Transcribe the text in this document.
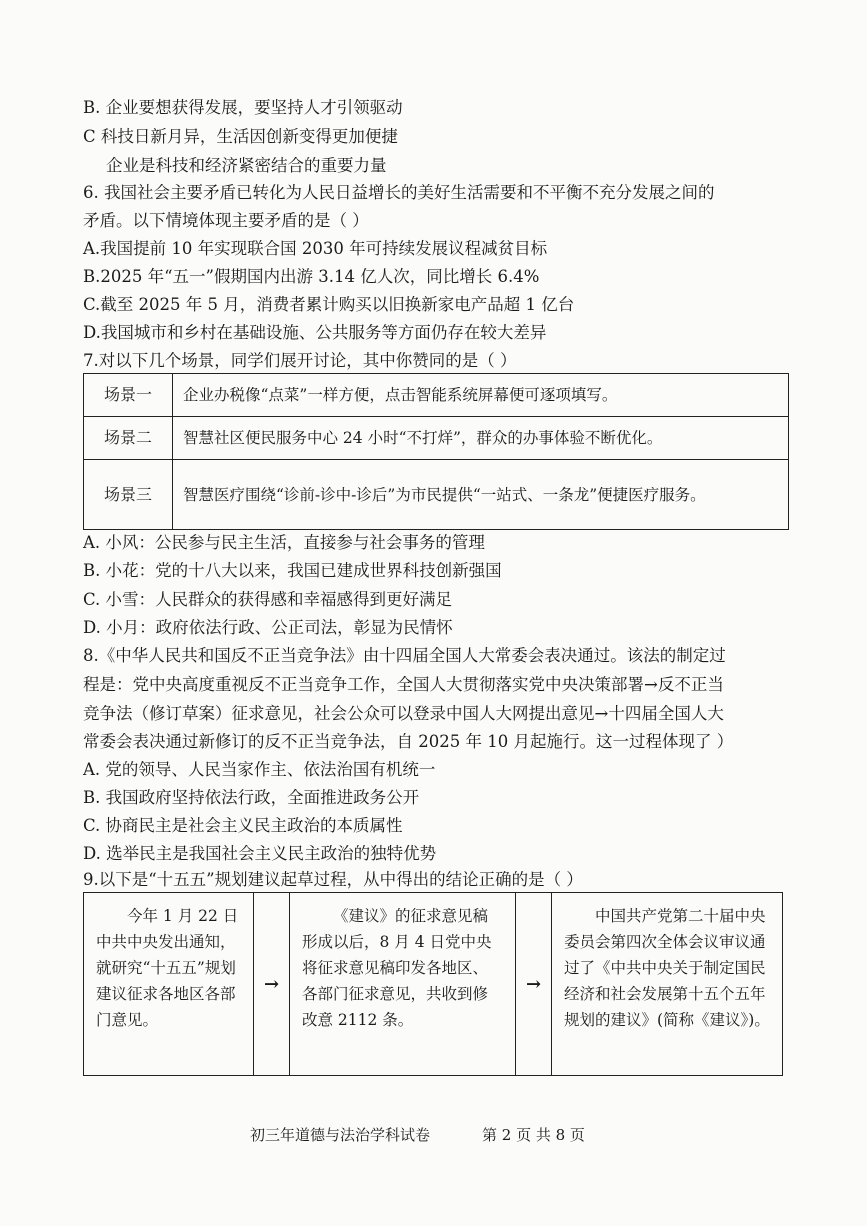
B. 企业要想获得发展，要坚持人才引领驱动
C 科技日新月异，生活因创新变得更加便捷
企业是科技和经济紧密结合的重要力量
6. 我国社会主要矛盾已转化为人民日益增长的美好生活需要和不平衡不充分发展之间的
矛盾。以下情境体现主要矛盾的是（ ）
A.我国提前 10 年实现联合国 2030 年可持续发展议程减贫目标
B.2025 年“五一”假期国内出游 3.14 亿人次，同比增长 6.4%
C.截至 2025 年 5 月，消费者累计购买以旧换新家电产品超 1 亿台
D.我国城市和乡村在基础设施、公共服务等方面仍存在较大差异
7.对以下几个场景，同学们展开讨论，其中你赞同的是（ ）
场景一	企业办税像“点菜”一样方便，点击智能系统屏幕便可逐项填写。
场景二	智慧社区便民服务中心 24 小时“不打烊”，群众的办事体验不断优化。
场景三	智慧医疗围绕“诊前-诊中-诊后”为市民提供“一站式、一条龙”便捷医疗服务。
A. 小风：公民参与民主生活，直接参与社会事务的管理
B. 小花：党的十八大以来，我国已建成世界科技创新强国
C. 小雪：人民群众的获得感和幸福感得到更好满足
D. 小月：政府依法行政、公正司法，彰显为民情怀
8.《中华人民共和国反不正当竞争法》由十四届全国人大常委会表决通过。该法的制定过
程是：党中央高度重视反不正当竞争工作，全国人大贯彻落实党中央决策部署→反不正当
竞争法（修订草案）征求意见，社会公众可以登录中国人大网提出意见→十四届全国人大
常委会表决通过新修订的反不正当竞争法，自 2025 年 10 月起施行。这一过程体现了 ）
A. 党的领导、人民当家作主、依法治国有机统一
B. 我国政府坚持依法行政，全面推进政务公开
C. 协商民主是社会主义民主政治的本质属性
D. 选举民主是我国社会主义民主政治的独特优势
9.以下是“十五五”规划建议起草过程，从中得出的结论正确的是（ ）
今年 1 月 22 日中共中央发出通知，就研究“十五五”规划建议征求各地区各部门意见。
→
《建议》的征求意见稿形成以后，8 月 4 日党中央将征求意见稿印发各地区、各部门征求意见，共收到修改意 2112 条。
→
中国共产党第二十届中央委员会第四次全体会议审议通过了《中共中央关于制定国民经济和社会发展第十五个五年规划的建议》(简称《建议》)。
初三年道德与法治学科试卷	第 2 页 共 8 页
